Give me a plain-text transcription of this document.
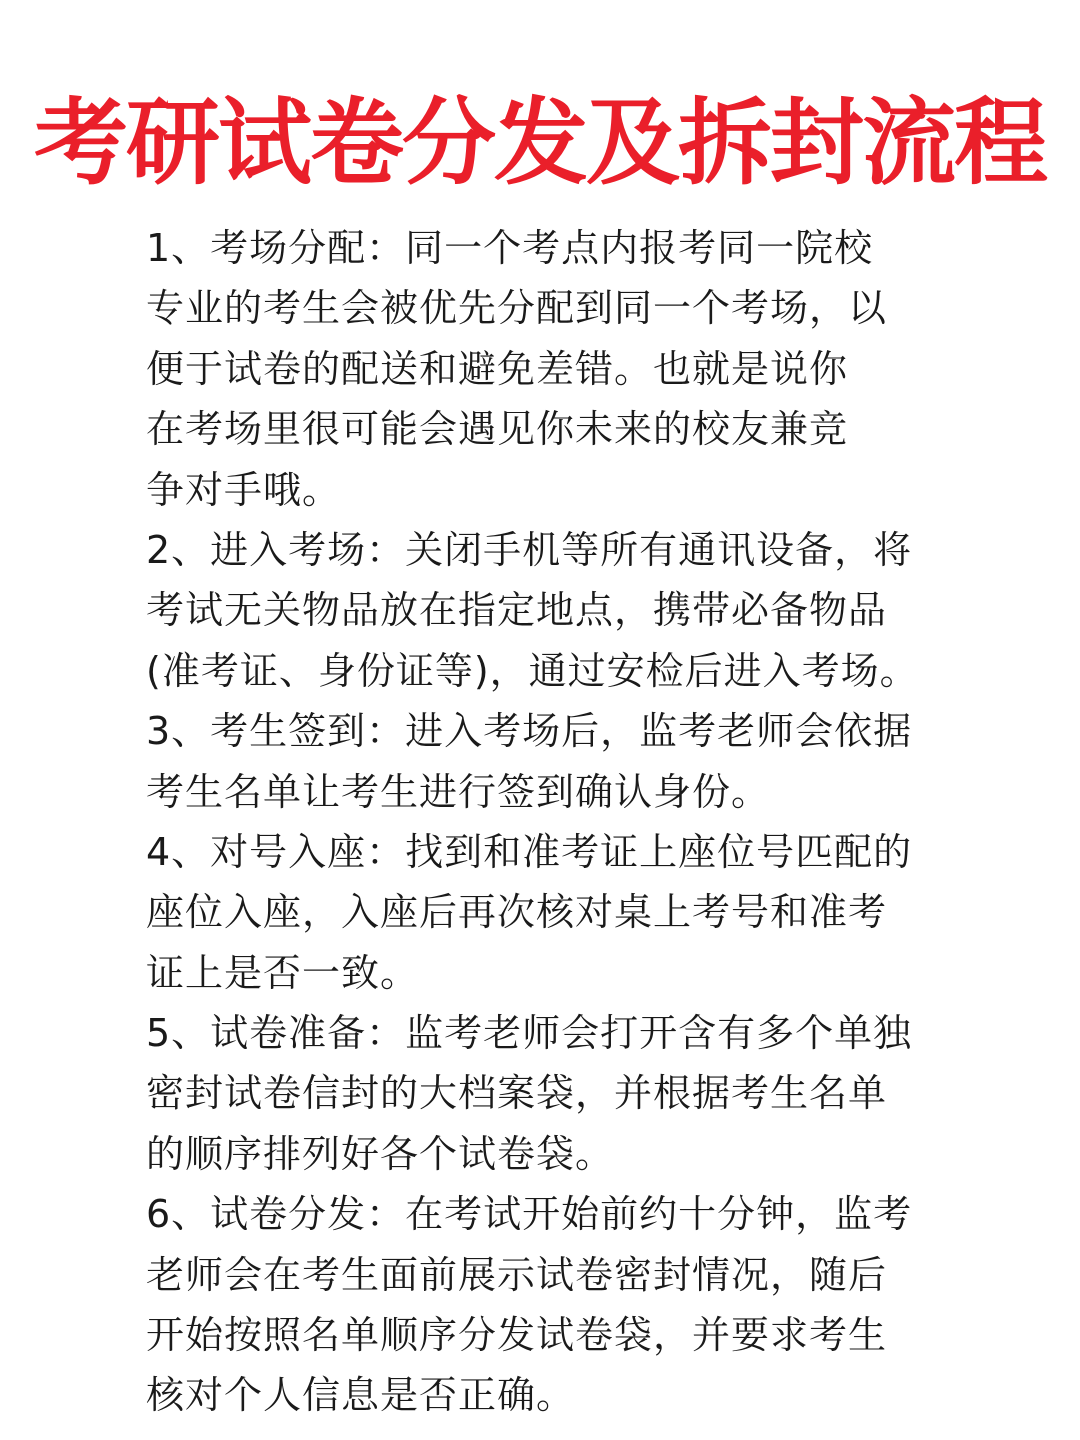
考研试卷分发及拆封流程
1、考场分配：同一个考点内报考同一院校
专业的考生会被优先分配到同一个考场，以
便于试卷的配送和避免差错。也就是说你
在考场里很可能会遇见你未来的校友兼竞
争对手哦。
2、进入考场：关闭手机等所有通讯设备，将
考试无关物品放在指定地点，携带必备物品
(准考证、身份证等)，通过安检后进入考场。
3、考生签到：进入考场后，监考老师会依据
考生名单让考生进行签到确认身份。
4、对号入座：找到和准考证上座位号匹配的
座位入座，入座后再次核对桌上考号和准考
证上是否一致。
5、试卷准备：监考老师会打开含有多个单独
密封试卷信封的大档案袋，并根据考生名单
的顺序排列好各个试卷袋。
6、试卷分发：在考试开始前约十分钟，监考
老师会在考生面前展示试卷密封情况，随后
开始按照名单顺序分发试卷袋，并要求考生
核对个人信息是否正确。
